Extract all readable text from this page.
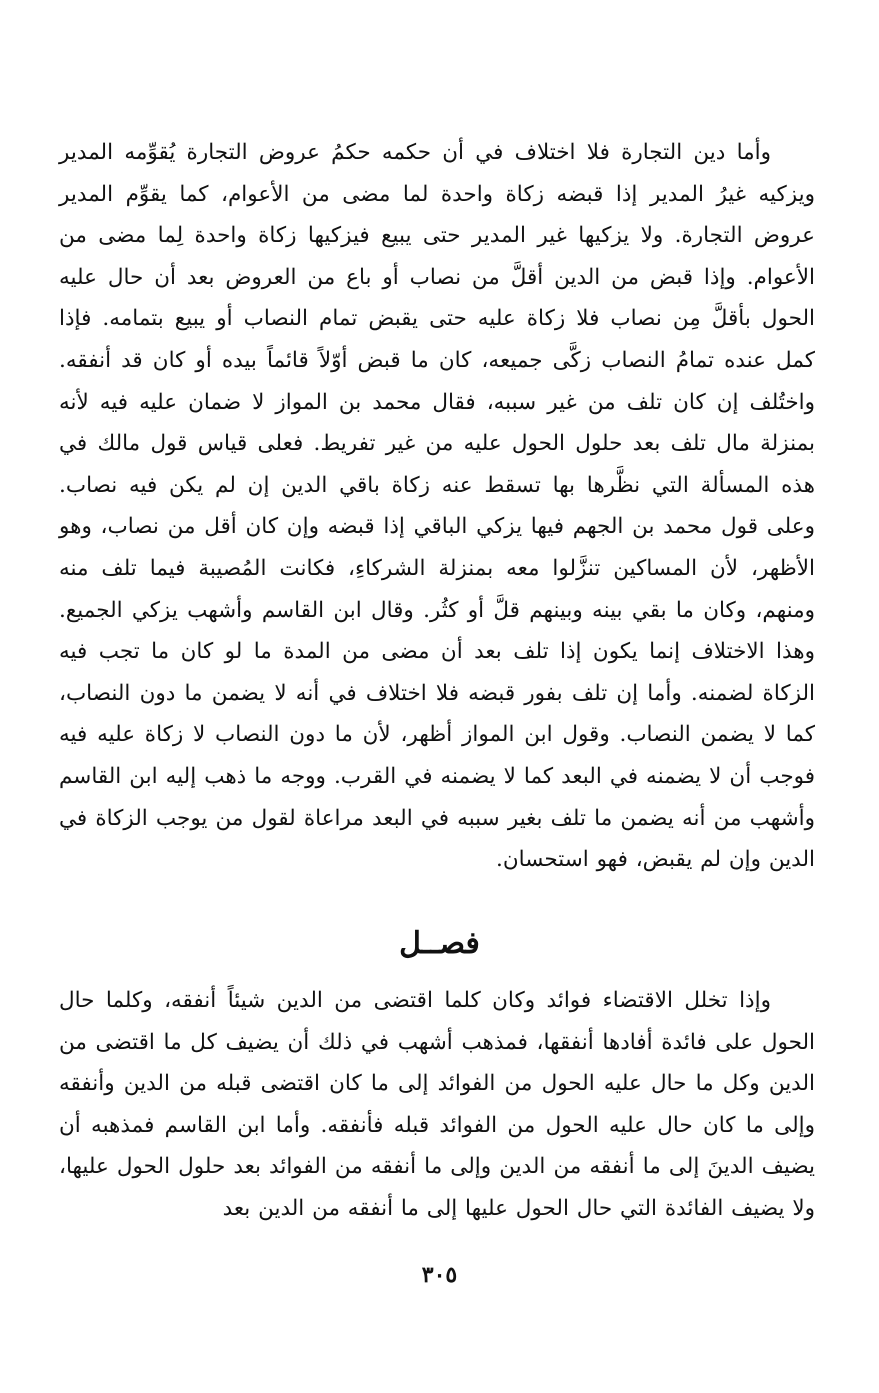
وأما دين التجارة فلا اختلاف في أن حكمه حكمُ عروض التجارة يُقوِّمه المدير ويزكيه غيرُ المدير إذا قبضه زكاة واحدة لما مضى من الأعوام، كما يقوِّم المدير عروض التجارة. ولا يزكيها غير المدير حتى يبيع فيزكيها زكاة واحدة لِما مضى من الأعوام. وإذا قبض من الدين أقلَّ من نصاب أو باع من العروض بعد أن حال عليه الحول بأقلَّ مِن نصاب فلا زكاة عليه حتى يقبض تمام النصاب أو يبيع بتمامه. فإذا كمل عنده تمامُ النصاب زكَّى جميعه، كان ما قبض أوّلاً قائماً بيده أو كان قد أنفقه. واختُلف إن كان تلف من غير سببه، فقال محمد بن المواز لا ضمان عليه فيه لأنه بمنزلة مال تلف بعد حلول الحول عليه من غير تفريط. فعلى قياس قول مالك في هذه المسألة التي نظَّرها بها تسقط عنه زكاة باقي الدين إن لم يكن فيه نصاب. وعلى قول محمد بن الجهم فيها يزكي الباقي إذا قبضه وإن كان أقل من نصاب، وهو الأظهر، لأن المساكين تنزَّلوا معه بمنزلة الشركاءِ، فكانت المُصيبة فيما تلف منه ومنهم، وكان ما بقي بينه وبينهم قلَّ أو كثُر. وقال ابن القاسم وأشهب يزكي الجميع. وهذا الاختلاف إنما يكون إذا تلف بعد أن مضى من المدة ما لو كان ما تجب فيه الزكاة لضمنه. وأما إن تلف بفور قبضه فلا اختلاف في أنه لا يضمن ما دون النصاب، كما لا يضمن النصاب. وقول ابن المواز أظهر، لأن ما دون النصاب لا زكاة عليه فيه فوجب أن لا يضمنه في البعد كما لا يضمنه في القرب. ووجه ما ذهب إليه ابن القاسم وأشهب من أنه يضمن ما تلف بغير سببه في البعد مراعاة لقول من يوجب الزكاة في الدين وإن لم يقبض، فهو استحسان.

فصــل

وإذا تخلل الاقتضاء فوائد وكان كلما اقتضى من الدين شيئاً أنفقه، وكلما حال الحول على فائدة أفادها أنفقها، فمذهب أشهب في ذلك أن يضيف كل ما اقتضى من الدين وكل ما حال عليه الحول من الفوائد إلى ما كان اقتضى قبله من الدين وأنفقه وإلى ما كان حال عليه الحول من الفوائد قبله فأنفقه. وأما ابن القاسم فمذهبه أن يضيف الدينَ إلى ما أنفقه من الدين وإلى ما أنفقه من الفوائد بعد حلول الحول عليها، ولا يضيف الفائدة التي حال الحول عليها إلى ما أنفقه من الدين بعد

٣٠٥
